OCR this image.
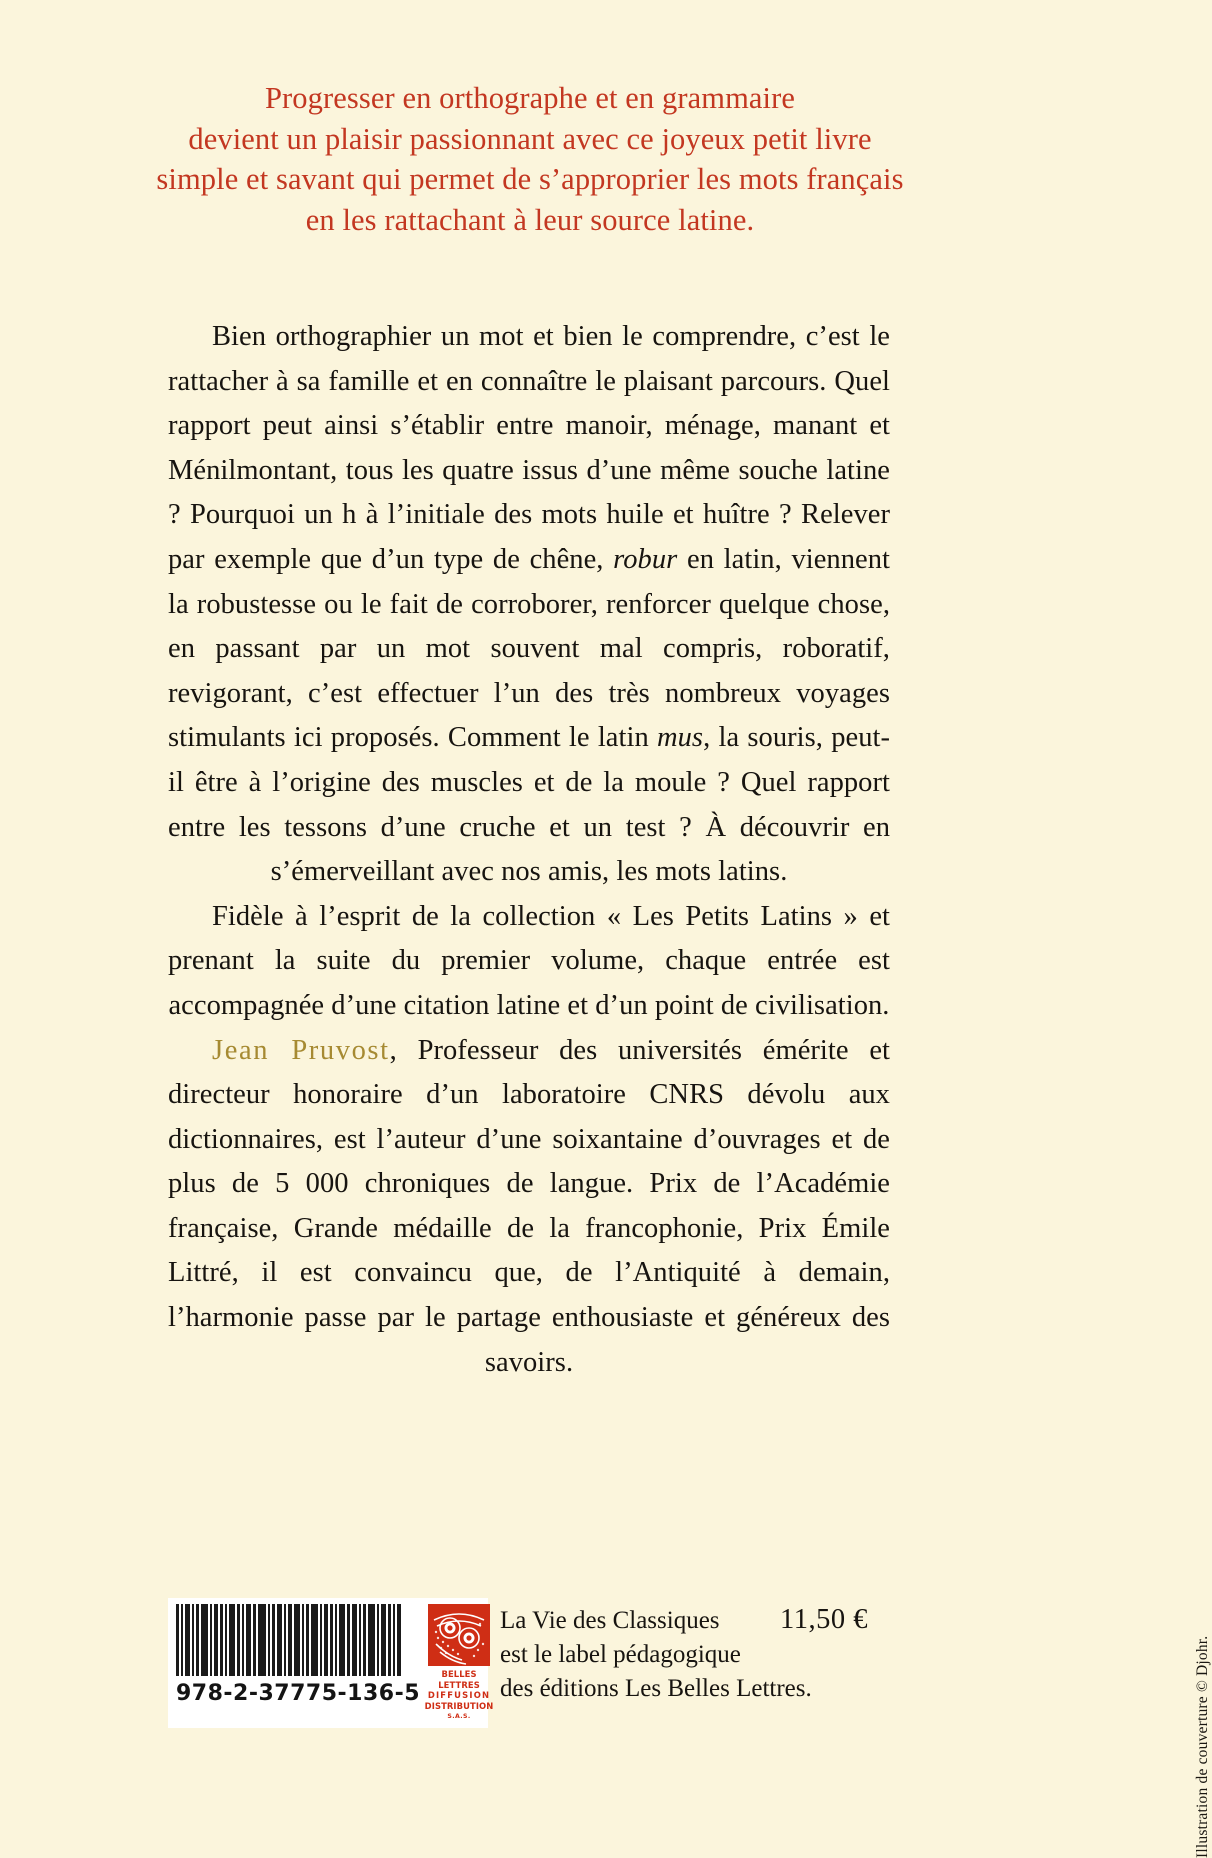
Progresser en orthographe et en grammaire
devient un plaisir passionnant avec ce joyeux petit livre
simple et savant qui permet de s’approprier les mots français
en les rattachant à leur source latine.

Bien orthographier un mot et bien le comprendre, c’est le rattacher à sa famille et en connaître le plaisant parcours. Quel rapport peut ainsi s’établir entre manoir, ménage, manant et Ménilmontant, tous les quatre issus d’une même souche latine ? Pourquoi un h à l’initiale des mots huile et huître ? Relever par exemple que d’un type de chêne, robur en latin, viennent la robustesse ou le fait de corroborer, renforcer quelque chose, en passant par un mot souvent mal compris, roboratif, revigorant, c’est effectuer l’un des très nombreux voyages stimulants ici proposés. Comment le latin mus, la souris, peut-il être à l’origine des muscles et de la moule ? Quel rapport entre les tessons d’une cruche et un test ? À découvrir en s’émerveillant avec nos amis, les mots latins.

Fidèle à l’esprit de la collection « Les Petits Latins » et prenant la suite du premier volume, chaque entrée est accompagnée d’une citation latine et d’un point de civilisation.

Jean Pruvost, Professeur des universités émérite et directeur honoraire d’un laboratoire CNRS dévolu aux dictionnaires, est l’auteur d’une soixantaine d’ouvrages et de plus de 5 000 chroniques de langue. Prix de l’Académie française, Grande médaille de la francophonie, Prix Émile Littré, il est convaincu que, de l’Antiquité à demain, l’harmonie passe par le partage enthousiaste et généreux des savoirs.

Illustration de couverture © Djohr.
978-2-37775-136-5
BELLES LETTRES
DIFFUSION
DISTRIBUTION
S.A.S.
La Vie des Classiques
est le label pédagogique
des éditions Les Belles Lettres.
11,50 €
